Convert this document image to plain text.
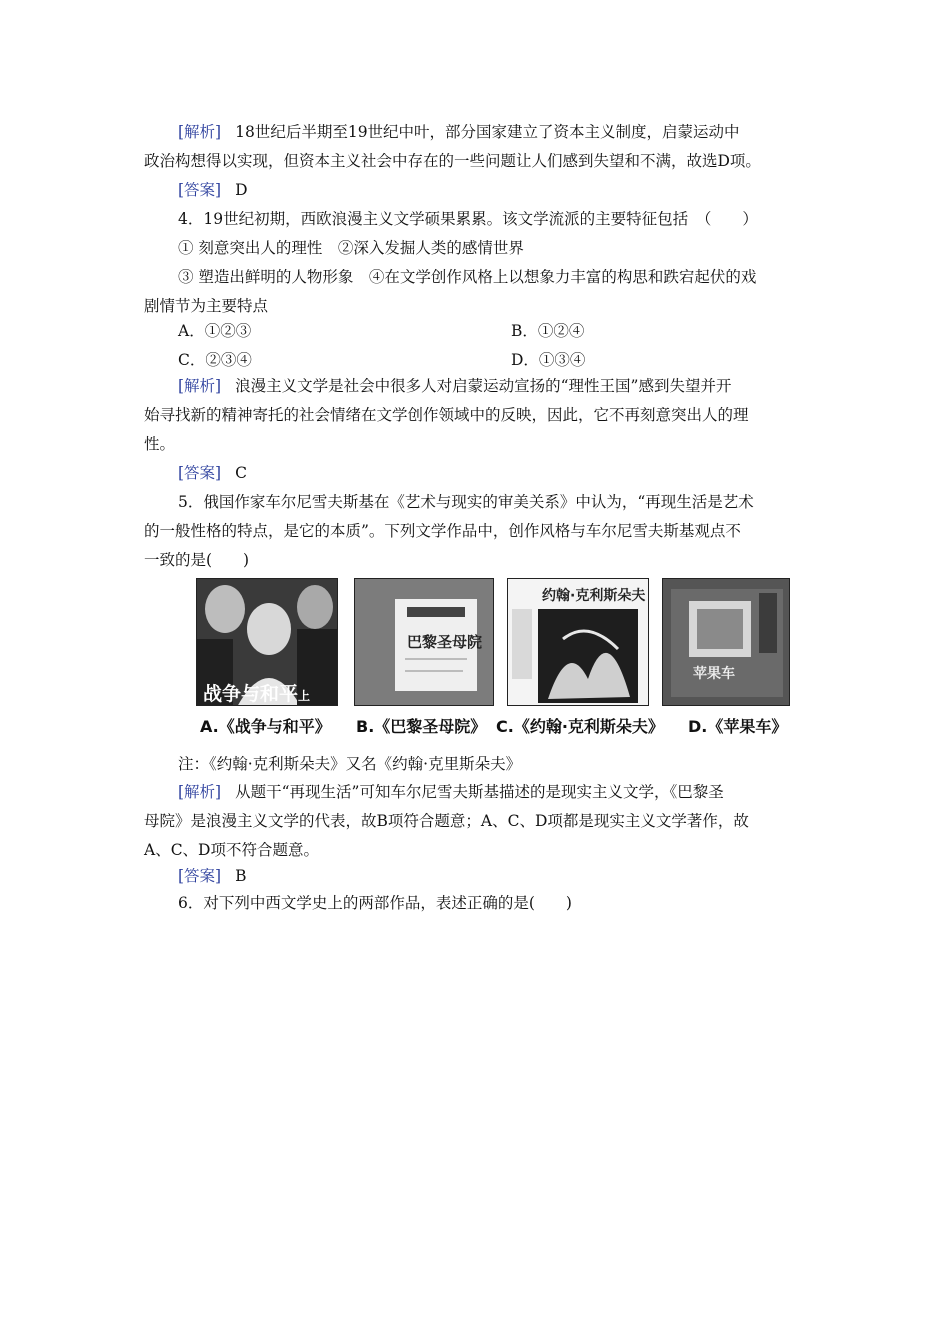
[解析] 18世纪后半期至19世纪中叶，部分国家建立了资本主义制度，启蒙运动中
政治构想得以实现，但资本主义社会中存在的一些问题让人们感到失望和不满，故选D项。
[答案] D
4．19世纪初期，西欧浪漫主义文学硕果累累。该文学流派的主要特征包括　（　　）
① 刻意突出人的理性　②深入发掘人类的感情世界
③ 塑造出鲜明的人物形象　④在文学创作风格上以想象力丰富的构思和跌宕起伏的戏
剧情节为主要特点
A．①②③	B．①②④
C．②③④	D．①③④
[解析] 浪漫主义文学是社会中很多人对启蒙运动宣扬的“理性王国”感到失望并开
始寻找新的精神寄托的社会情绪在文学创作领域中的反映，因此，它不再刻意突出人的理
性。
[答案] C
5．俄国作家车尔尼雪夫斯基在《艺术与现实的审美关系》中认为，“再现生活是艺术
的一般性格的特点，是它的本质”。下列文学作品中，创作风格与车尔尼雪夫斯基观点不
一致的是(　　)
战争与和平上
巴黎圣母院
约翰·克利斯朵夫
苹果车
A.《战争与和平》 B.《巴黎圣母院》 C.《约翰·克利斯朵夫》 D.《苹果车》
注：《约翰·克利斯朵夫》又名《约翰·克里斯朵夫》
[解析] 从题干“再现生活”可知车尔尼雪夫斯基描述的是现实主义文学，《巴黎圣
母院》是浪漫主义文学的代表，故B项符合题意；A、C、D项都是现实主义文学著作，故
A、C、D项不符合题意。
[答案] B
6．对下列中西文学史上的两部作品，表述正确的是(　　)
